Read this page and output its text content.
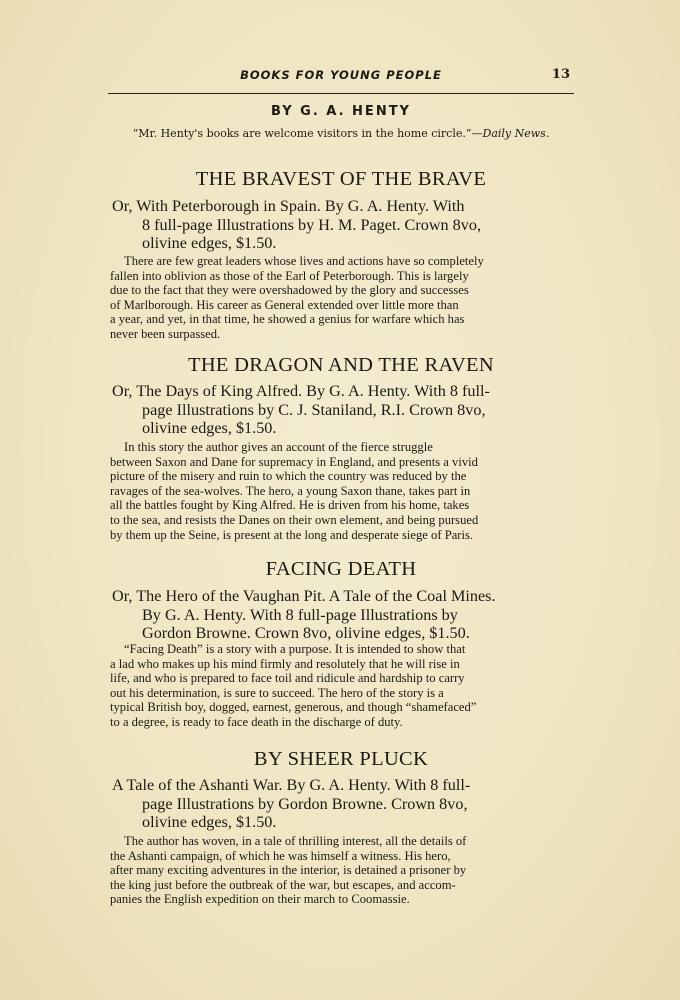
BOOKS FOR YOUNG PEOPLE	13
BY G. A. HENTY
“Mr. Henty's books are welcome visitors in the home circle.”—Daily News.
THE BRAVEST OF THE BRAVE
Or, With Peterborough in Spain. By G. A. Henty. With
8 full-page Illustrations by H. M. Paget. Crown 8vo,
olivine edges, $1.50.
There are few great leaders whose lives and actions have so completely
fallen into oblivion as those of the Earl of Peterborough. This is largely
due to the fact that they were overshadowed by the glory and successes
of Marlborough. His career as General extended over little more than
a year, and yet, in that time, he showed a genius for warfare which has
never been surpassed.
THE DRAGON AND THE RAVEN
Or, The Days of King Alfred. By G. A. Henty. With 8 full-
page Illustrations by C. J. Staniland, R.I. Crown 8vo,
olivine edges, $1.50.
In this story the author gives an account of the fierce struggle
between Saxon and Dane for supremacy in England, and presents a vivid
picture of the misery and ruin to which the country was reduced by the
ravages of the sea-wolves. The hero, a young Saxon thane, takes part in
all the battles fought by King Alfred. He is driven from his home, takes
to the sea, and resists the Danes on their own element, and being pursued
by them up the Seine, is present at the long and desperate siege of Paris.
FACING DEATH
Or, The Hero of the Vaughan Pit. A Tale of the Coal Mines.
By G. A. Henty. With 8 full-page Illustrations by
Gordon Browne. Crown 8vo, olivine edges, $1.50.
“Facing Death” is a story with a purpose. It is intended to show that
a lad who makes up his mind firmly and resolutely that he will rise in
life, and who is prepared to face toil and ridicule and hardship to carry
out his determination, is sure to succeed. The hero of the story is a
typical British boy, dogged, earnest, generous, and though “shamefaced”
to a degree, is ready to face death in the discharge of duty.
BY SHEER PLUCK
A Tale of the Ashanti War. By G. A. Henty. With 8 full-
page Illustrations by Gordon Browne. Crown 8vo,
olivine edges, $1.50.
The author has woven, in a tale of thrilling interest, all the details of
the Ashanti campaign, of which he was himself a witness. His hero,
after many exciting adventures in the interior, is detained a prisoner by
the king just before the outbreak of the war, but escapes, and accom-
panies the English expedition on their march to Coomassie.
